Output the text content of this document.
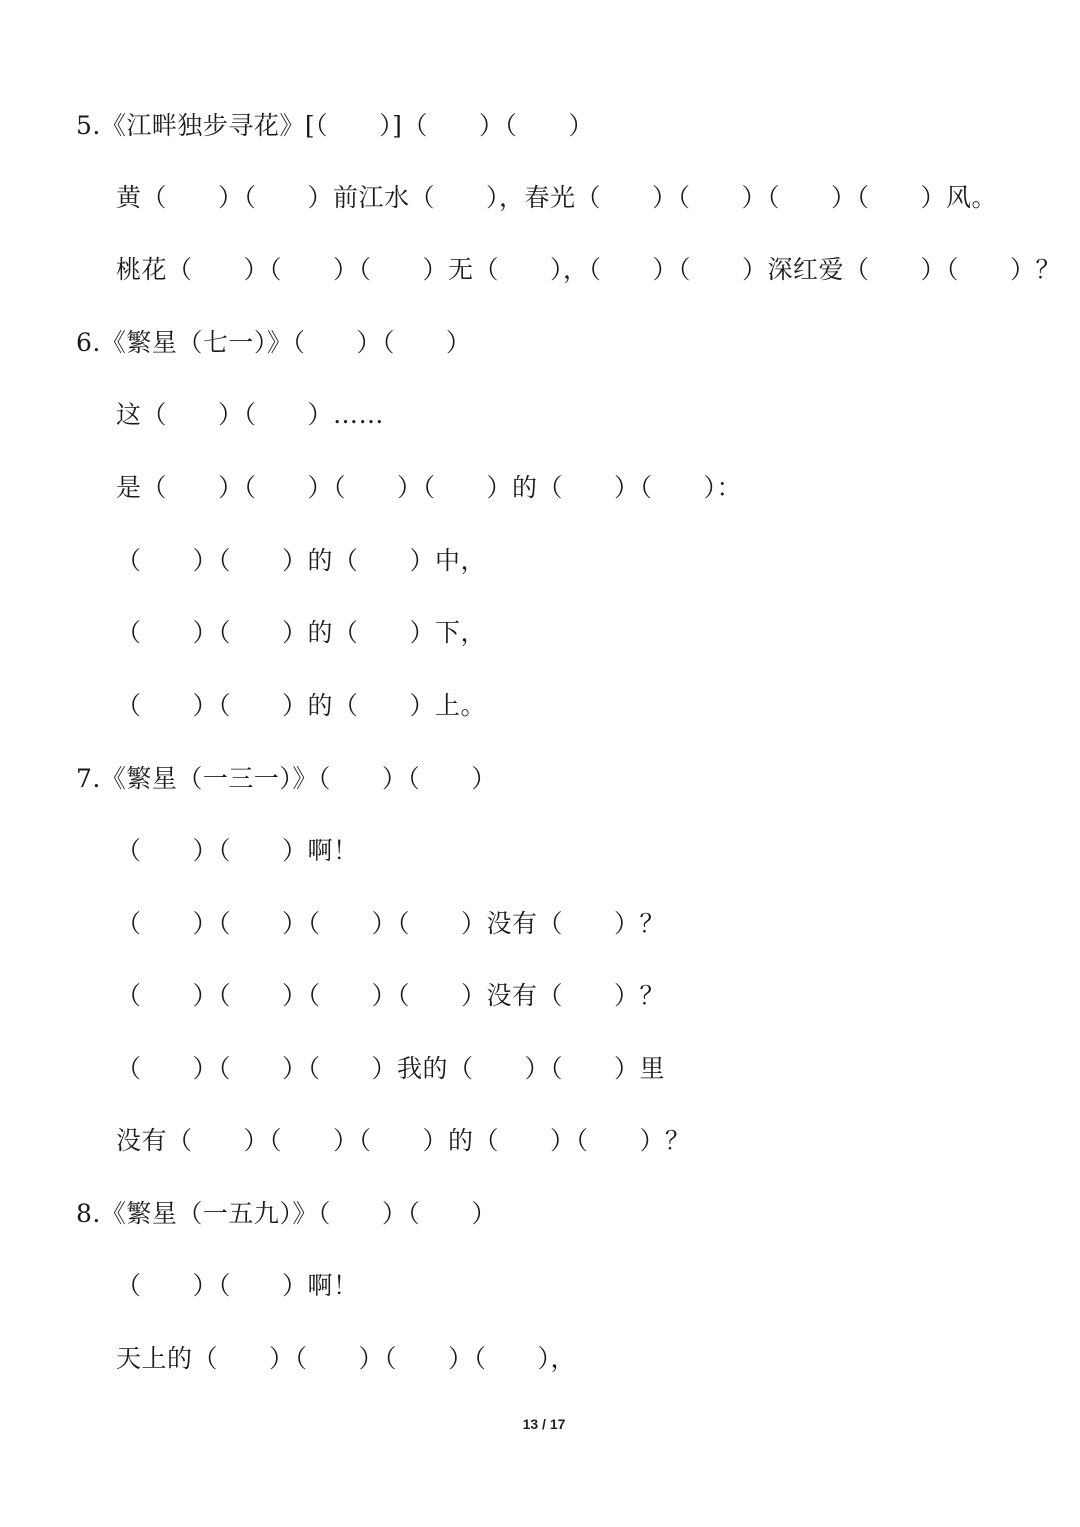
5.《江畔独步寻花》[（　　）]（　　）（　　）
黄（　　）（　　）前江水（　　），春光（　　）（　　）（　　）（　　）风。
桃花（　　）（　　）（　　）无（　　），（　　）（　　）深红爱（　　）（　　）？
6.《繁星（七一）》（　　）（　　）
这（　　）（　　）……
是（　　）（　　）（　　）（　　）的（　　）（　　）：
（　　）（　　）的（　　）中，
（　　）（　　）的（　　）下，
（　　）（　　）的（　　）上。
7.《繁星（一三一）》（　　）（　　）
（　　）（　　）啊！
（　　）（　　）（　　）（　　）没有（　　）？
（　　）（　　）（　　）（　　）没有（　　）？
（　　）（　　）（　　）我的（　　）（　　）里
没有（　　）（　　）（　　）的（　　）（　　）？
8.《繁星（一五九）》（　　）（　　）
（　　）（　　）啊！
天上的（　　）（　　）（　　）（　　），
13 / 17
